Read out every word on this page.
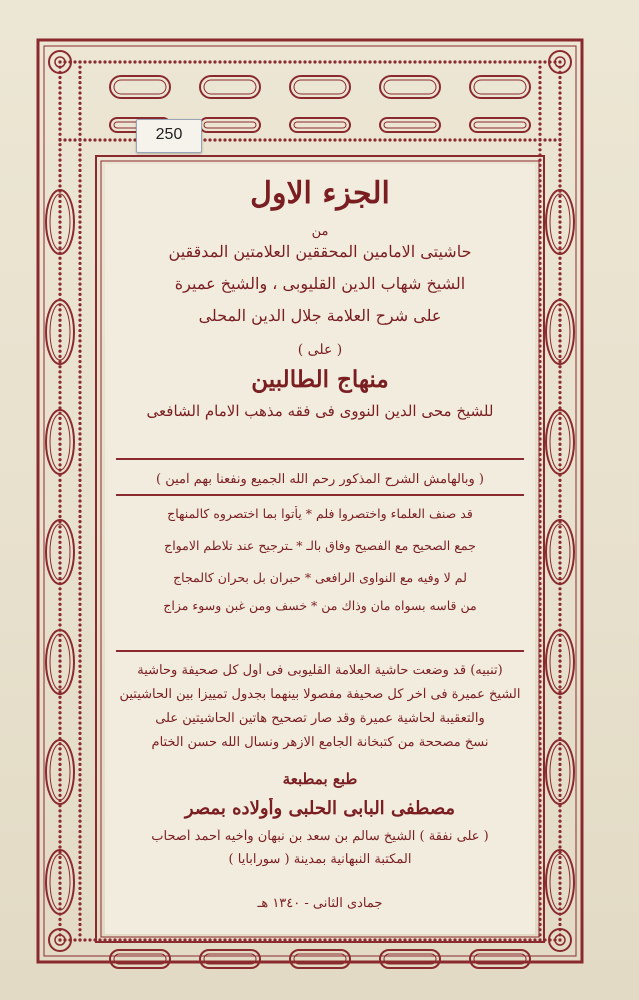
250
الجزء الاول
من
حاشيتى الامامين المحققين العلامتين المدققين
الشيخ شهاب الدين القليوبى ، والشيخ عميرة
على شرح العلامة جلال الدين المحلى
( على )
منهاج الطالبين
للشيخ محى الدين النووى فى فقه مذهب الامام الشافعى
( وبالهامش الشرح المذكور رحم الله الجميع ونفعنا بهم آمين )
قد صنف العلماء واختصروا فلم * يأتوا بما اختصروه كالمنهاج
جمع الصحيح مع الفصيح وفاق بالـ * ـترجيح عند تلاطم الامواج
لم لا وفيه مع النواوى الرافعى * حبران بل بحران كالمجاج
من قاسه بسواه مان وذاك من * خسف ومن غبن وسوء مزاج
(تنبيه) قد وضعت حاشية العلامة القليوبى فى أول كل صحيفة وحاشية
الشيخ عميرة فى آخر كل صحيفة مفصولا بينهما بجدول تمييزا بين الحاشيتين
والتعقيبة لحاشية عميرة وقد صار تصحيح هاتين الحاشيتين على
نسخ مصححة من كتبخانة الجامع الازهر ونسأل الله حسن الختام
طبع بمطبعة
مصطفى البابى الحلبى وأولاده بمصر
( على نفقة ) الشيخ سالم بن سعد بن نبهان وأخيه أحمد أصحاب
المكتبة النبهانية بمدينة ( سورابايا )
جمادى الثانى - ١٣٤٠ هـ
